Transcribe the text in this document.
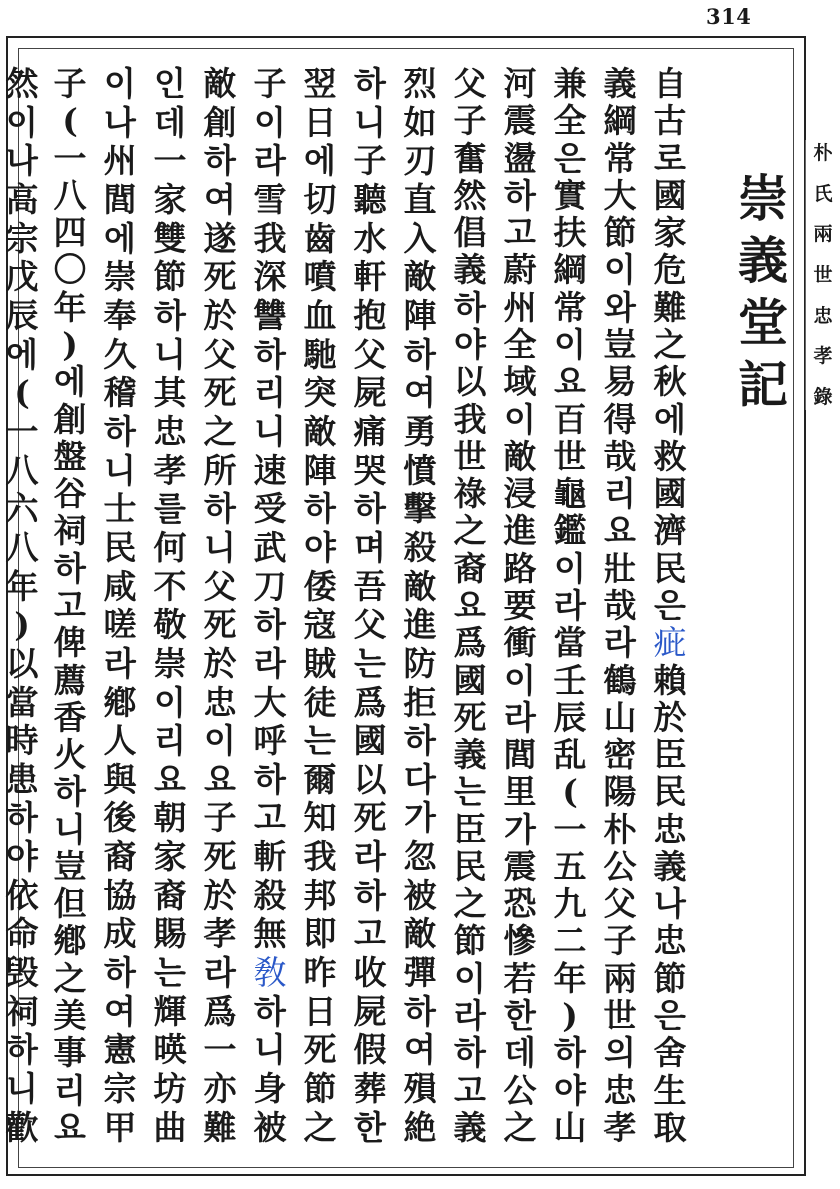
314
崇
義
堂
記
朴
氏
兩
世
忠
孝
錄
自
古
로
國
家
危
難
之
秋
에
救
國
濟
民
은
疵
賴
於
臣
民
忠
義
나
忠
節
은
舍
生
取
義
綱
常
大
節
이
와
豈
易
得
哉
리
요
壯
哉
라
鶴
山
密
陽
朴
公
父
子
兩
世
의
忠
孝
兼
全
은
實
扶
綱
常
이
요
百
世
龜
鑑
이
라
當
壬
辰
乱
(
一
五
九
二
年
)
하
야
山
河
震
盪
하
고
蔚
州
全
域
이
敵
浸
進
路
要
衝
이
라
閭
里
가
震
恐
慘
若
한
데
公
之
父
子
奮
然
倡
義
하
야
以
我
世
祿
之
裔
요
爲
國
死
義
는
臣
民
之
節
이
라
하
고
義
烈
如
刃
直
入
敵
陣
하
여
勇
憤
擊
殺
敵
進
防
拒
하
다
가
忽
被
敵
彈
하
여
殞
絶
하
니
子
聽
水
軒
抱
父
屍
痛
哭
하
며
吾
父
는
爲
國
以
死
라
하
고
收
屍
假
葬
한
翌
日
에
切
齒
噴
血
馳
突
敵
陣
하
야
倭
寇
賊
徒
는
爾
知
我
邦
即
昨
日
死
節
之
子
이
라
雪
我
深
讐
하
리
니
速
受
武
刀
하
라
大
呼
하
고
斬
殺
無
敎
하
니
身
被
敵
創
하
여
遂
死
於
父
死
之
所
하
니
父
死
於
忠
이
요
子
死
於
孝
라
爲
一
亦
難
인
데
一
家
雙
節
하
니
其
忠
孝
를
何
不
敬
崇
이
리
요
朝
家
裔
賜
는
輝
暎
坊
曲
이
나
州
閭
에
崇
奉
久
稽
하
니
士
民
咸
嗟
라
鄕
人
與
後
裔
協
成
하
여
憲
宗
甲
子
(
一
八
四
〇
年
)
에
創
盤
谷
祠
하
고
俾
薦
香
火
하
니
豈
但
鄕
之
美
事
리
요
然
이
나
高
宗
戊
辰
에
(
一
八
六
八
年
)
以
當
時
患
하
야
依
命
毁
祠
하
니
歡
